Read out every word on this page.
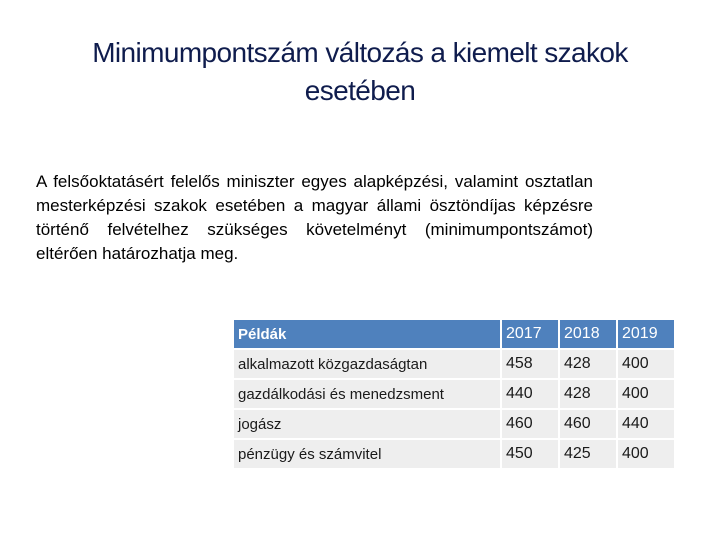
Minimumpontszám változás a kiemelt szakok esetében

A felsőoktatásért felelős miniszter egyes alapképzési, valamint osztatlan mesterképzési szakok esetében a magyar állami ösztöndíjas képzésre történő felvételhez szükséges követelményt (minimumpontszámot) eltérően határozhatja meg.

Példák	2017	2018	2019
alkalmazott közgazdaságtan	458	428	400
gazdálkodási és menedzsment	440	428	400
jogász	460	460	440
pénzügy és számvitel	450	425	400
